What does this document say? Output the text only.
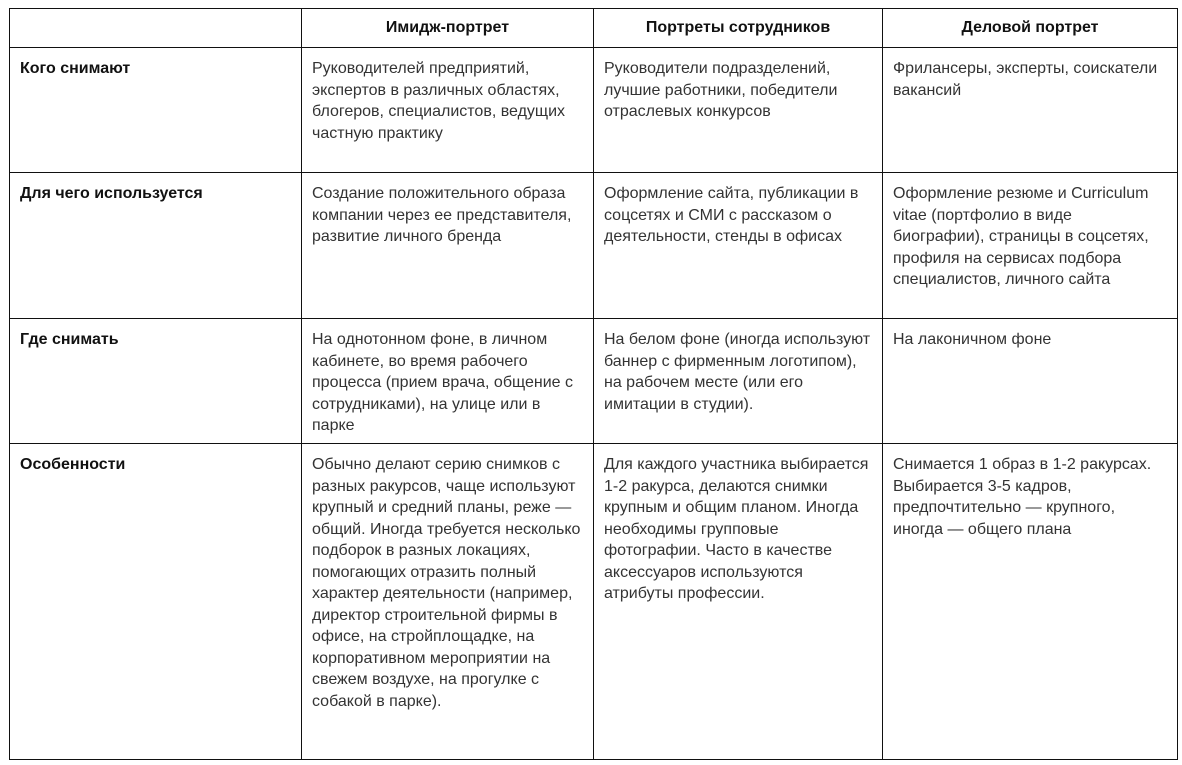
	Имидж-портрет	Портреты сотрудников	Деловой портрет
Кого снимают	Руководителей предприятий, экспертов в различных областях, блогеров, специалистов, ведущих частную практику	Руководители подразделений, лучшие работники, победители отраслевых конкурсов	Фрилансеры, эксперты, соискатели вакансий
Для чего используется	Создание положительного образа компании через ее представителя, развитие личного бренда	Оформление сайта, публикации в соцсетях и СМИ с рассказом о деятельности, стенды в офисах	Оформление резюме и Curriculum vitae (портфолио в виде биографии), страницы в соцсетях, профиля на сервисах подбора специалистов, личного сайта
Где снимать	На однотонном фоне, в личном кабинете, во время рабочего процесса (прием врача, общение с сотрудниками), на улице или в парке	На белом фоне (иногда используют баннер с фирменным логотипом), на рабочем месте (или его имитации в студии).	На лаконичном фоне
Особенности	Обычно делают серию снимков с разных ракурсов, чаще используют крупный и средний планы, реже — общий. Иногда требуется несколько подборок в разных локациях, помогающих отразить полный характер деятельности (например, директор строительной фирмы в офисе, на стройплощадке, на корпоративном мероприятии на свежем воздухе, на прогулке с собакой в парке).	Для каждого участника выбирается 1-2 ракурса, делаются снимки крупным и общим планом. Иногда необходимы групповые фотографии. Часто в качестве аксессуаров используются атрибуты профессии.	Снимается 1 образ в 1-2 ракурсах. Выбирается 3-5 кадров, предпочтительно — крупного, иногда — общего плана
